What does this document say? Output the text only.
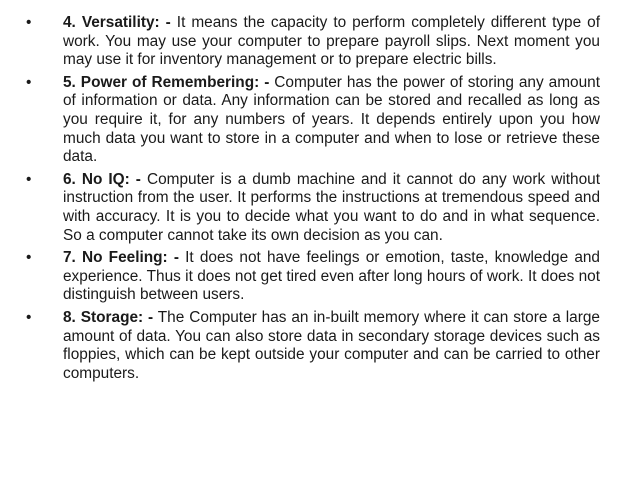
• 4. Versatility: - It means the capacity to perform completely different type of work. You may use your computer to prepare payroll slips. Next moment you may use it for inventory management or to prepare electric bills.
• 5. Power of Remembering: - Computer has the power of storing any amount of information or data. Any information can be stored and recalled as long as you require it, for any numbers of years. It depends entirely upon you how much data you want to store in a computer and when to lose or retrieve these data.
• 6. No IQ: - Computer is a dumb machine and it cannot do any work without instruction from the user. It performs the instructions at tremendous speed and with accuracy. It is you to decide what you want to do and in what sequence. So a computer cannot take its own decision as you can.
• 7. No Feeling: - It does not have feelings or emotion, taste, knowledge and experience. Thus it does not get tired even after long hours of work. It does not distinguish between users.
• 8. Storage: - The Computer has an in-built memory where it can store a large amount of data. You can also store data in secondary storage devices such as floppies, which can be kept outside your computer and can be carried to other computers.
